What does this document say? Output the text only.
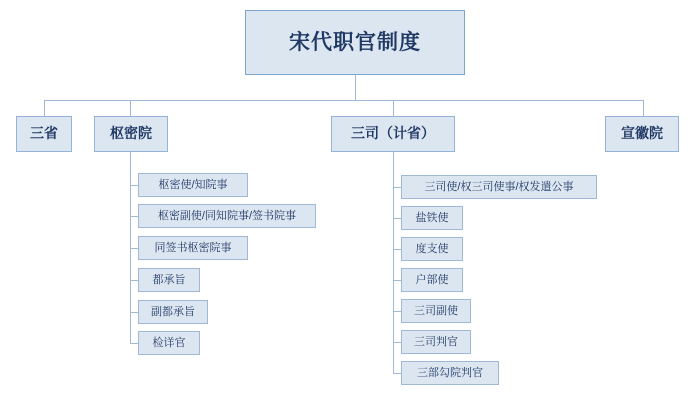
宋代职官制度
三省	枢密院	三司（计省）	宣徽院
枢密使/知院事
枢密副使/同知院事/签书院事
同签书枢密院事
都承旨
副都承旨
检详官
三司使/权三司使事/权发遣公事
盐铁使
度支使
户部使
三司副使
三司判官
三部勾院判官
